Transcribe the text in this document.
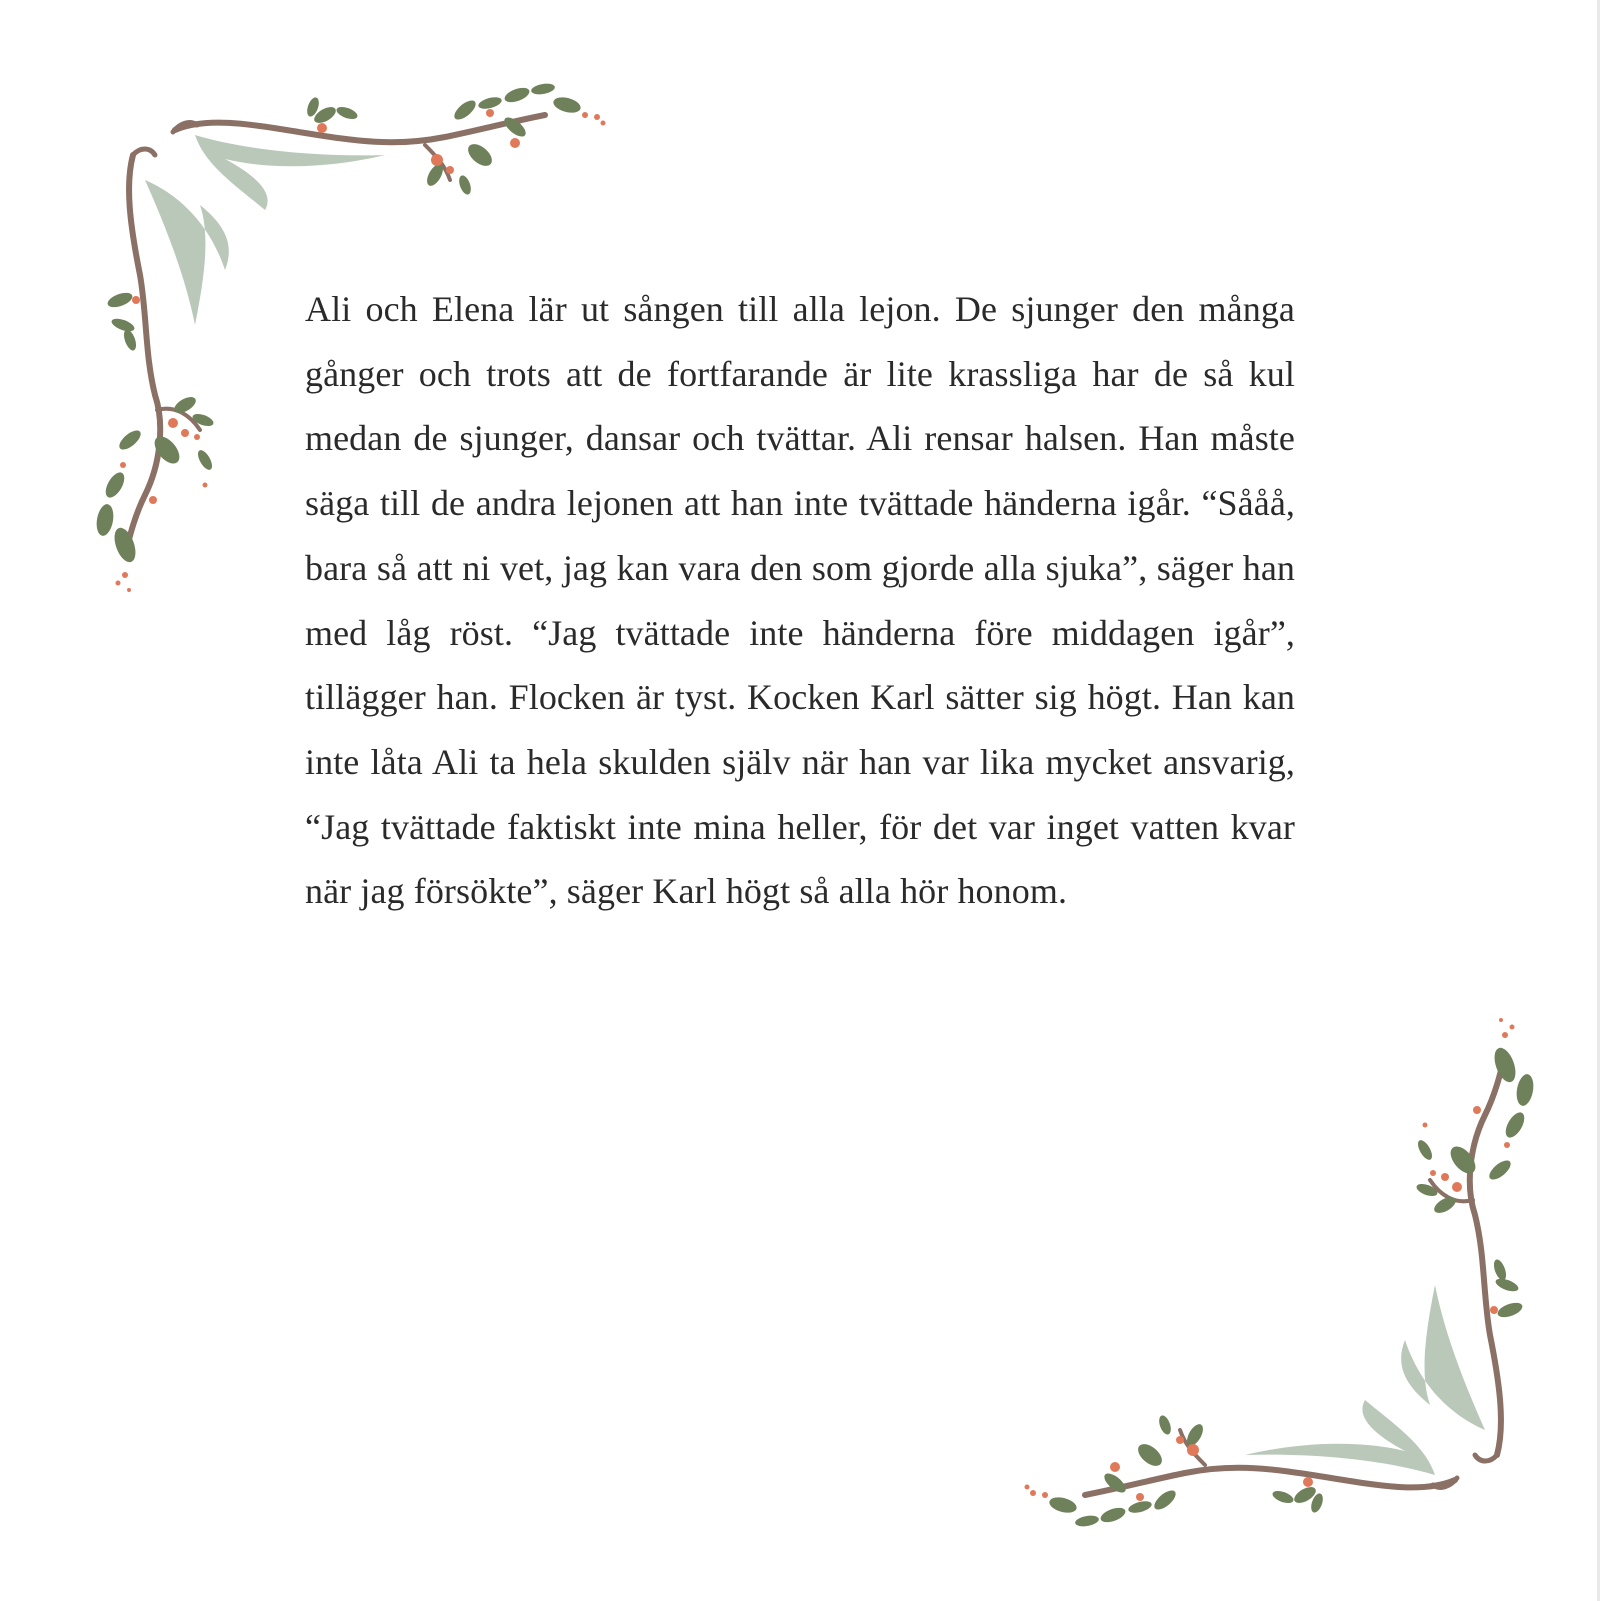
Ali och Elena lär ut sången till alla lejon. De sjunger den många gånger och trots att de fortfarande är lite krassliga har de så kul medan de sjunger, dansar och tvättar. Ali rensar halsen. Han måste säga till de andra lejonen att han inte tvättade händerna igår. “Sååå, bara så att ni vet, jag kan vara den som gjorde alla sjuka”, säger han med låg röst. “Jag tvättade inte händerna före middagen igår”, tillägger han. Flocken är tyst. Kocken Karl sätter sig högt. Han kan inte låta Ali ta hela skulden själv när han var lika mycket ansvarig, “Jag tvättade faktiskt inte mina heller, för det var inget vatten kvar när jag försökte”, säger Karl högt så alla hör honom.
